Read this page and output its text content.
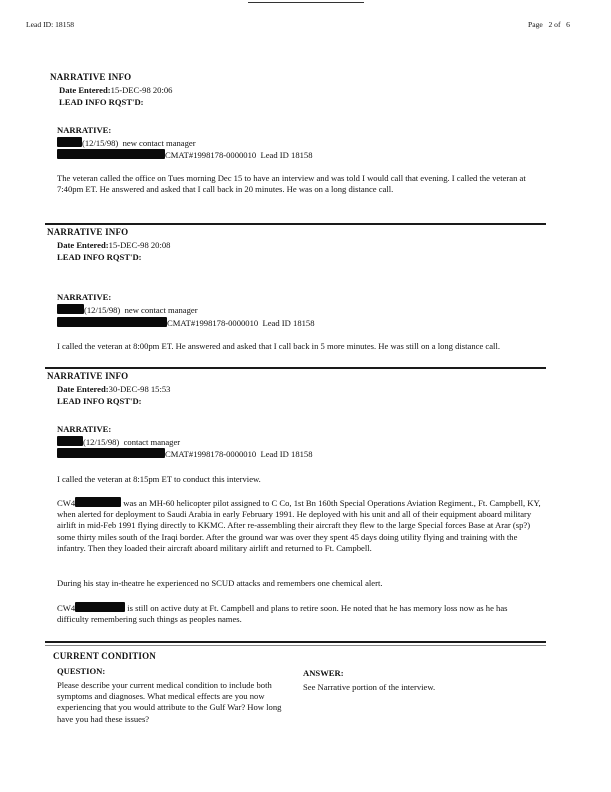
Lead ID: 18158	Page   2 of   6
NARRATIVE INFO
Date Entered:15-DEC-98 20:06
LEAD INFO RQST'D:
NARRATIVE:
(12/15/98)  new contact manager
CMAT#1998178-0000010  Lead ID 18158
The veteran called the office on Tues morning Dec 15 to have an interview and was told I would call that evening. I called the veteran at 7:40pm ET. He answered and asked that I call back in 20 minutes. He was on a long distance call.
NARRATIVE INFO
Date Entered:15-DEC-98 20:08
LEAD INFO RQST'D:
NARRATIVE:
(12/15/98)  new contact manager
CMAT#1998178-0000010  Lead ID 18158
I called the veteran at 8:00pm ET. He answered and asked that I call back in 5 more minutes. He was still on a long distance call.
NARRATIVE INFO
Date Entered:30-DEC-98 15:53
LEAD INFO RQST'D:
NARRATIVE:
(12/15/98)  contact manager
CMAT#1998178-0000010  Lead ID 18158
I called the veteran at 8:15pm ET to conduct this interview.
CW4	was an MH-60 helicopter pilot assigned to C Co, 1st Bn 160th Special Operations Aviation Regiment., Ft. Campbell, KY, when alerted for deployment to Saudi Arabia in early February 1991. He deployed with his unit and all of their equipment aboard military airlift in mid-Feb 1991 flying directly to KKMC. After re-assembling their aircraft they flew to the large Special forces Base at Arar (sp?) some thirty miles south of the Iraqi border. After the ground war was over they spent 45 days doing utility flying and training with the infantry. Then they loaded their aircraft aboard military airlift and returned to Ft. Campbell.
During his stay in-theatre he experienced no SCUD attacks and remembers one chemical alert.
CW4	is still on active duty at Ft. Campbell and plans to retire soon. He noted that he has memory loss now as he has difficulty remembering such things as peoples names.
CURRENT CONDITION
QUESTION:
Please describe your current medical condition to include both symptoms and diagnoses. What medical effects are you now experiencing that you would attribute to the Gulf War? How long have you had these issues?
ANSWER:
See Narrative portion of the interview.
